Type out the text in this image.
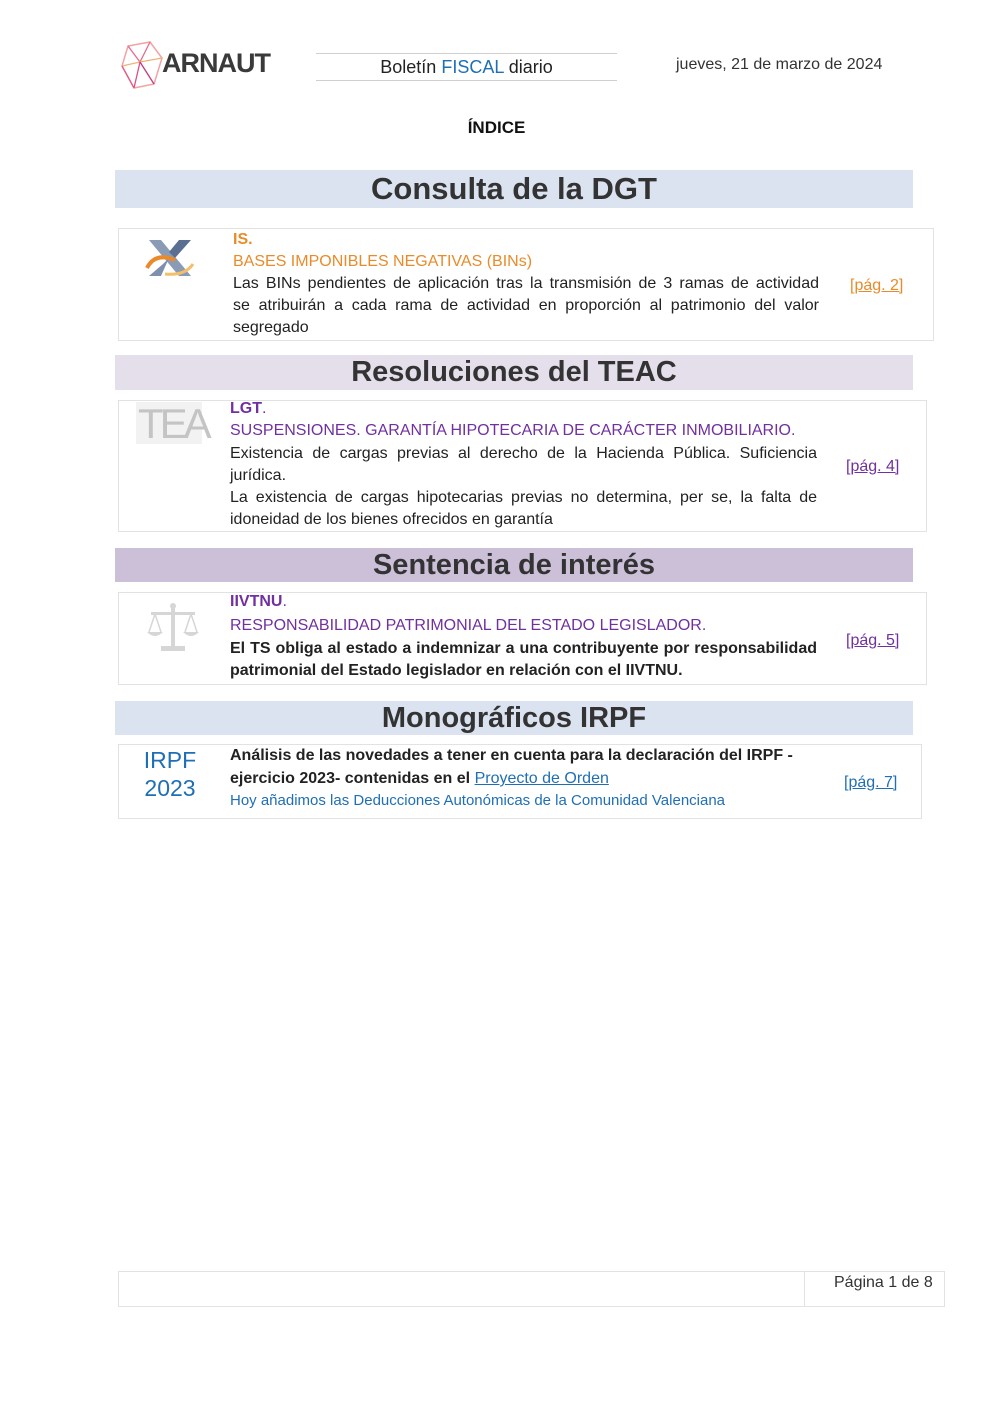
ARNAUT	Boletín FISCAL diario	jueves, 21 de marzo de 2024
ÍNDICE
Consulta de la DGT
IS.
BASES IMPONIBLES NEGATIVAS (BINs)
Las BINs pendientes de aplicación tras la transmisión de 3 ramas de actividad
se atribuirán a cada rama de actividad en proporción al patrimonio del valor
segregado
[pág. 2]
Resoluciones del TEAC
TEA LGT.
SUSPENSIONES. GARANTÍA HIPOTECARIA DE CARÁCTER INMOBILIARIO.
Existencia de cargas previas al derecho de la Hacienda Pública. Suficiencia
jurídica.
La existencia de cargas hipotecarias previas no determina, per se, la falta de
idoneidad de los bienes ofrecidos en garantía
[pág. 4]
Sentencia de interés
IIVTNU.
RESPONSABILIDAD PATRIMONIAL DEL ESTADO LEGISLADOR.
El TS obliga al estado a indemnizar a una contribuyente por responsabilidad
patrimonial del Estado legislador en relación con el IIVTNU.
[pág. 5]
Monográficos IRPF
IRPF
2023
Análisis de las novedades a tener en cuenta para la declaración del IRPF -
ejercicio 2023- contenidas en el Proyecto de Orden
Hoy añadimos las Deducciones Autonómicas de la Comunidad Valenciana
[pág. 7]
Página 1 de 8
